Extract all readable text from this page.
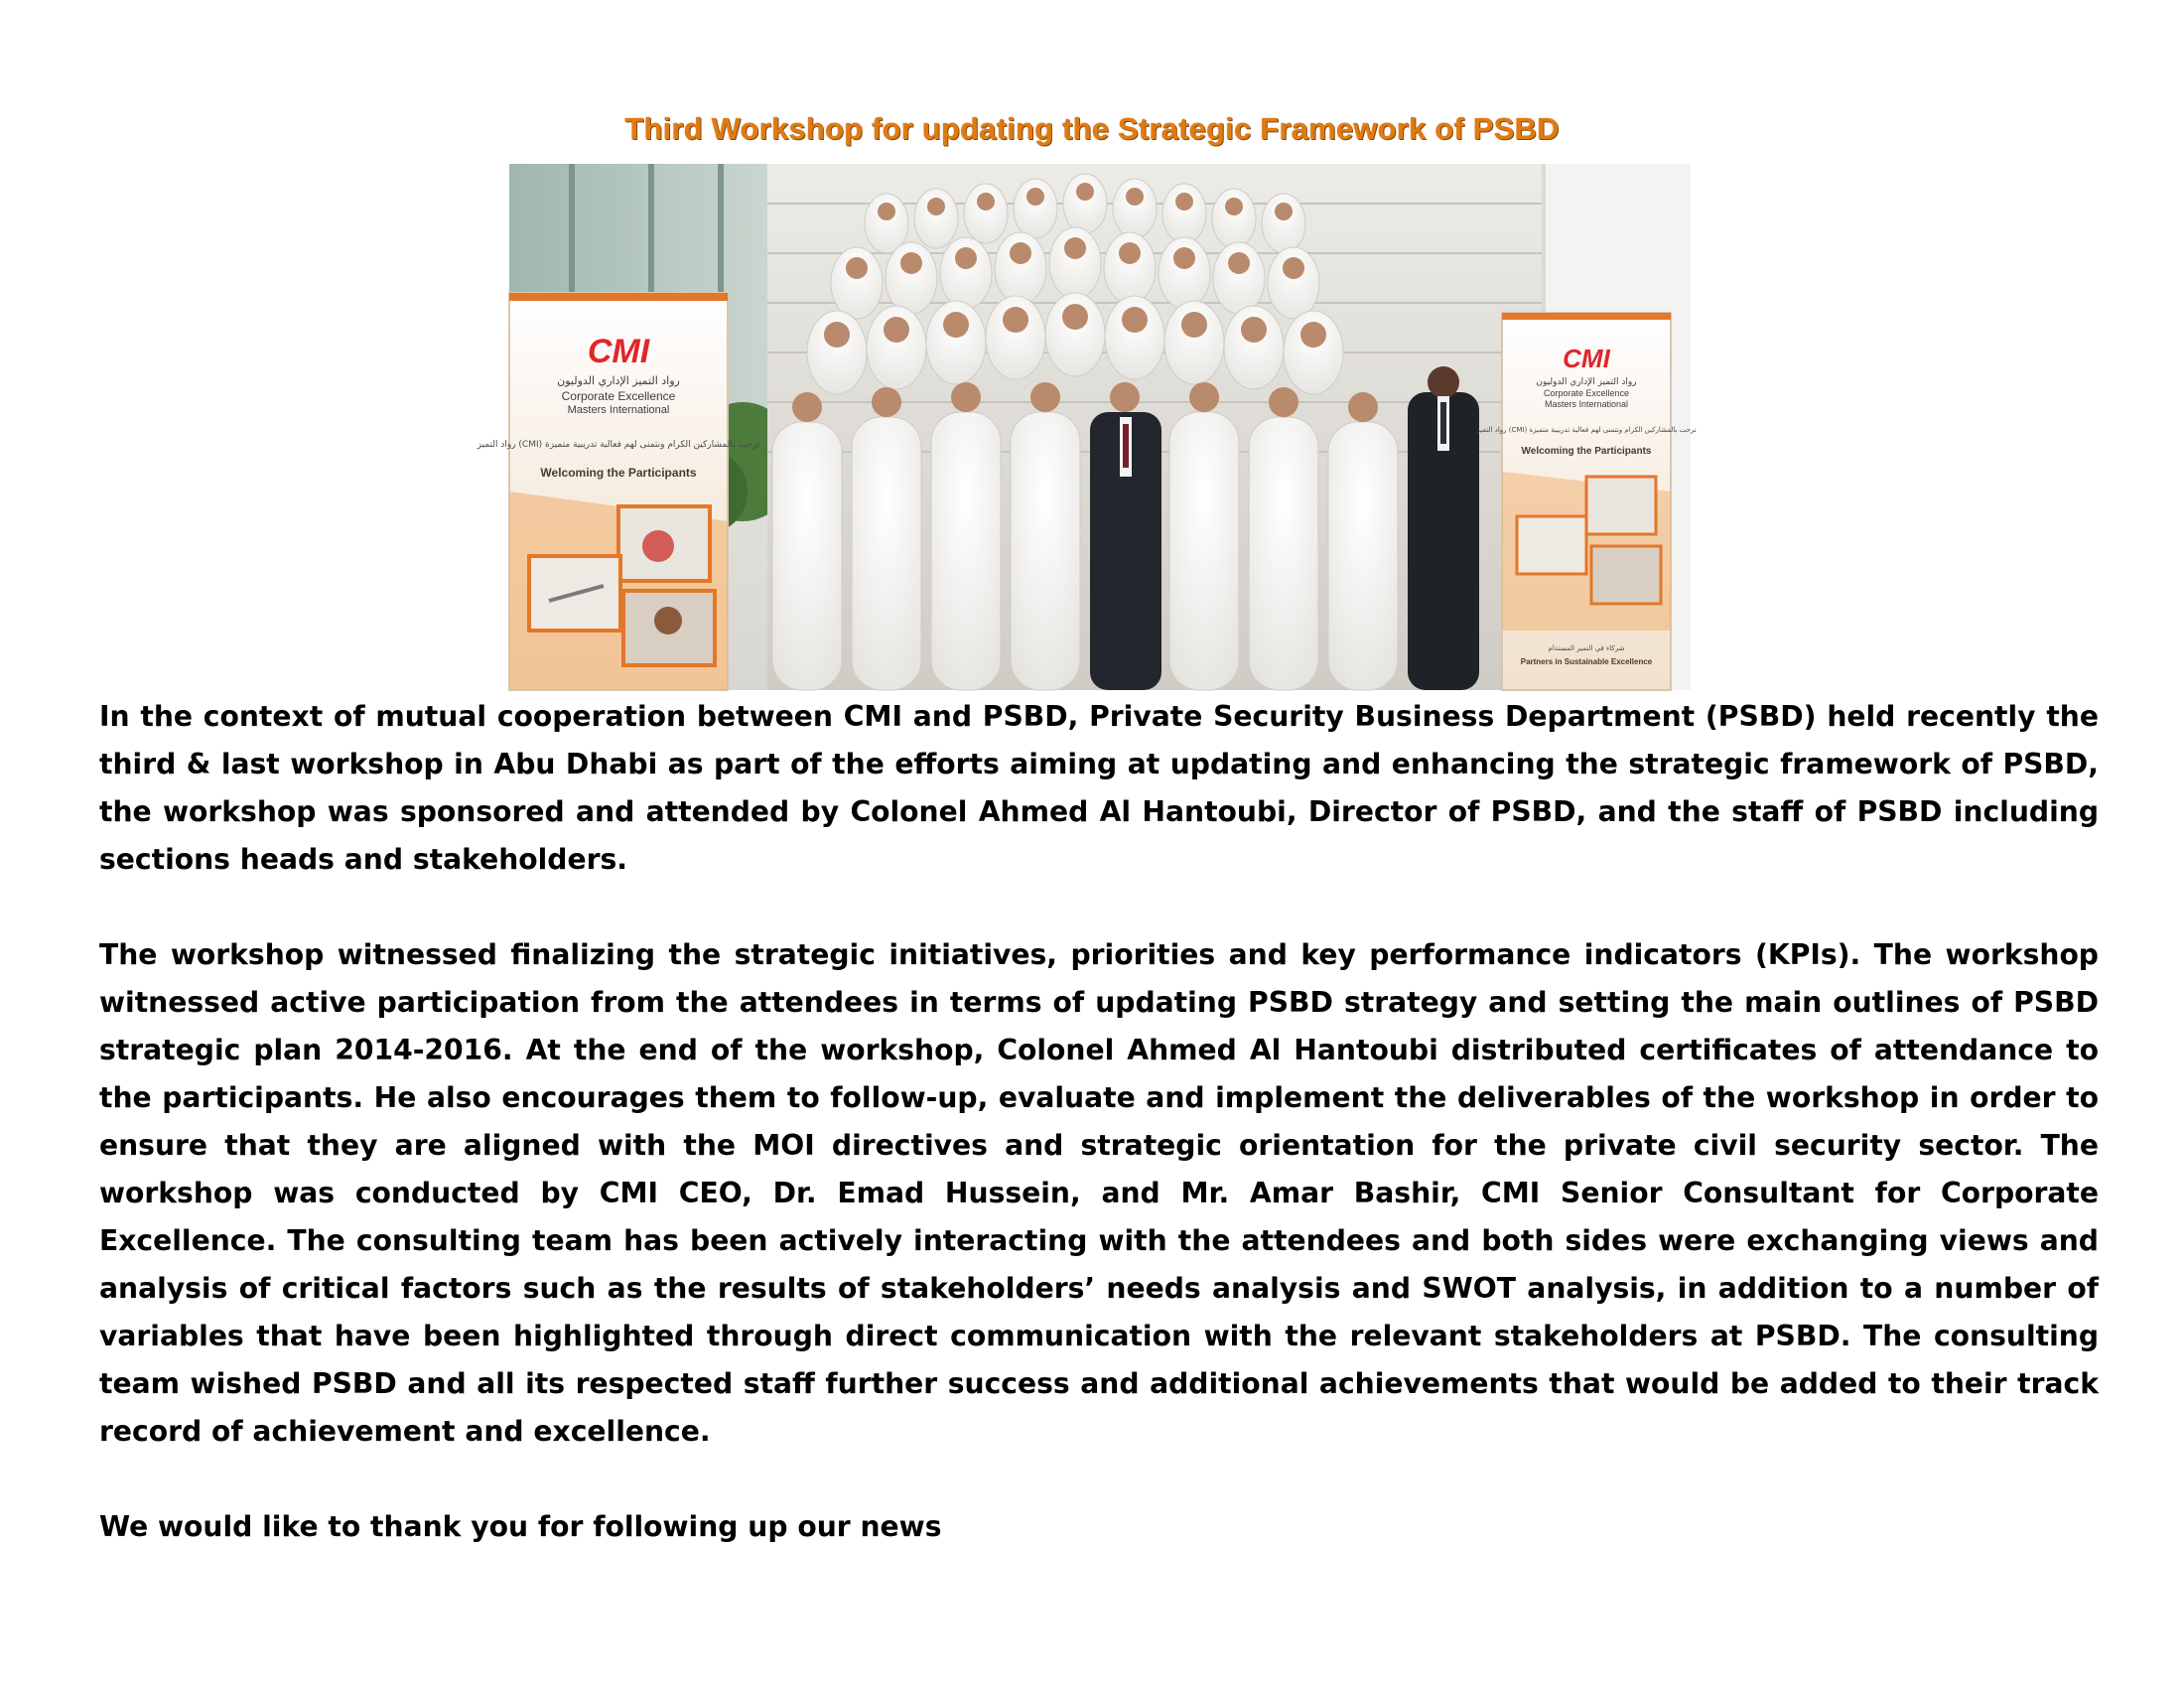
Third Workshop for updating the Strategic Framework of PSBD
CMI
رواد التميز الإداري الدوليون
Corporate Excellence
Masters International
رواد التميز (CMI) ترحب بالمشاركين الكرام ونتمنى لهم فعالية تدريبية متميزة
Welcoming the Participants
CMI
رواد التميز الإداري الدوليون
Corporate Excellence
Masters International
رواد التميز (CMI) ترحب بالمشاركين الكرام ونتمنى لهم فعالية تدريبية متميزة
Welcoming the Participants
شركاء في التميز المستدام
Partners in Sustainable Excellence

In the context of mutual cooperation between CMI and PSBD, Private Security Business Department (PSBD) held recently the third & last workshop in Abu Dhabi as part of the efforts aiming at updating and enhancing the strategic framework of PSBD, the workshop was sponsored and attended by Colonel Ahmed Al Hantoubi, Director of PSBD, and the staff of PSBD including sections heads and stakeholders.

The workshop witnessed finalizing the strategic initiatives, priorities and key performance indicators (KPIs). The workshop witnessed active participation from the attendees in terms of updating PSBD strategy and setting the main outlines of PSBD strategic plan 2014-2016. At the end of the workshop, Colonel Ahmed Al Hantoubi distributed certificates of attendance to the participants. He also encourages them to follow-up, evaluate and implement the deliverables of the workshop in order to ensure that they are aligned with the MOI directives and strategic orientation for the private civil security sector. The workshop was conducted by CMI CEO, Dr. Emad Hussein, and Mr. Amar Bashir, CMI Senior Consultant for Corporate Excellence. The consulting team has been actively interacting with the attendees and both sides were exchanging views and analysis of critical factors such as the results of stakeholders’ needs analysis and SWOT analysis, in addition to a number of variables that have been highlighted through direct communication with the relevant stakeholders at PSBD. The consulting team wished PSBD and all its respected staff further success and additional achievements that would be added to their track record of achievement and excellence.

We would like to thank you for following up our news
